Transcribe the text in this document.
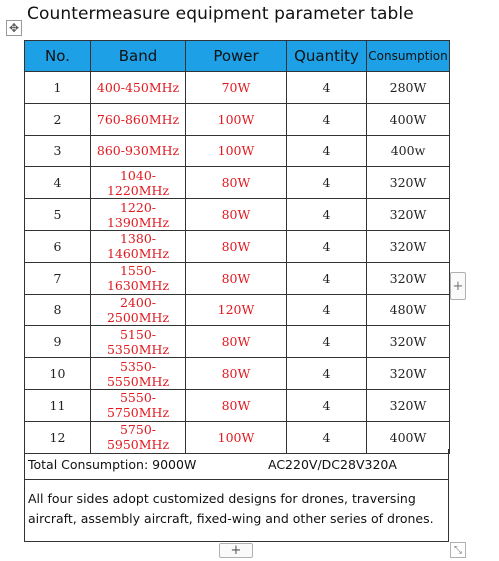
Countermeasure equipment parameter table
✥
No.	Band	Power	Quantity	Consumption
1	400-450MHz	70W	4	280W
2	760-860MHz	100W	4	400W
3	860-930MHz	100W	4	400w
4	1040-1220MHz	80W	4	320W
5	1220-1390MHz	80W	4	320W
6	1380-1460MHz	80W	4	320W
7	1550-1630MHz	80W	4	320W
8	2400-2500MHz	120W	4	480W
9	5150-5350MHz	80W	4	320W
10	5350-5550MHz	80W	4	320W
11	5550-5750MHz	80W	4	320W
12	5750-5950MHz	100W	4	400W
Total Consumption: 9000W	AC220V/DC28V320A
All four sides adopt customized designs for drones, traversing aircraft, assembly aircraft, fixed-wing and other series of drones.
+
+	⤡
